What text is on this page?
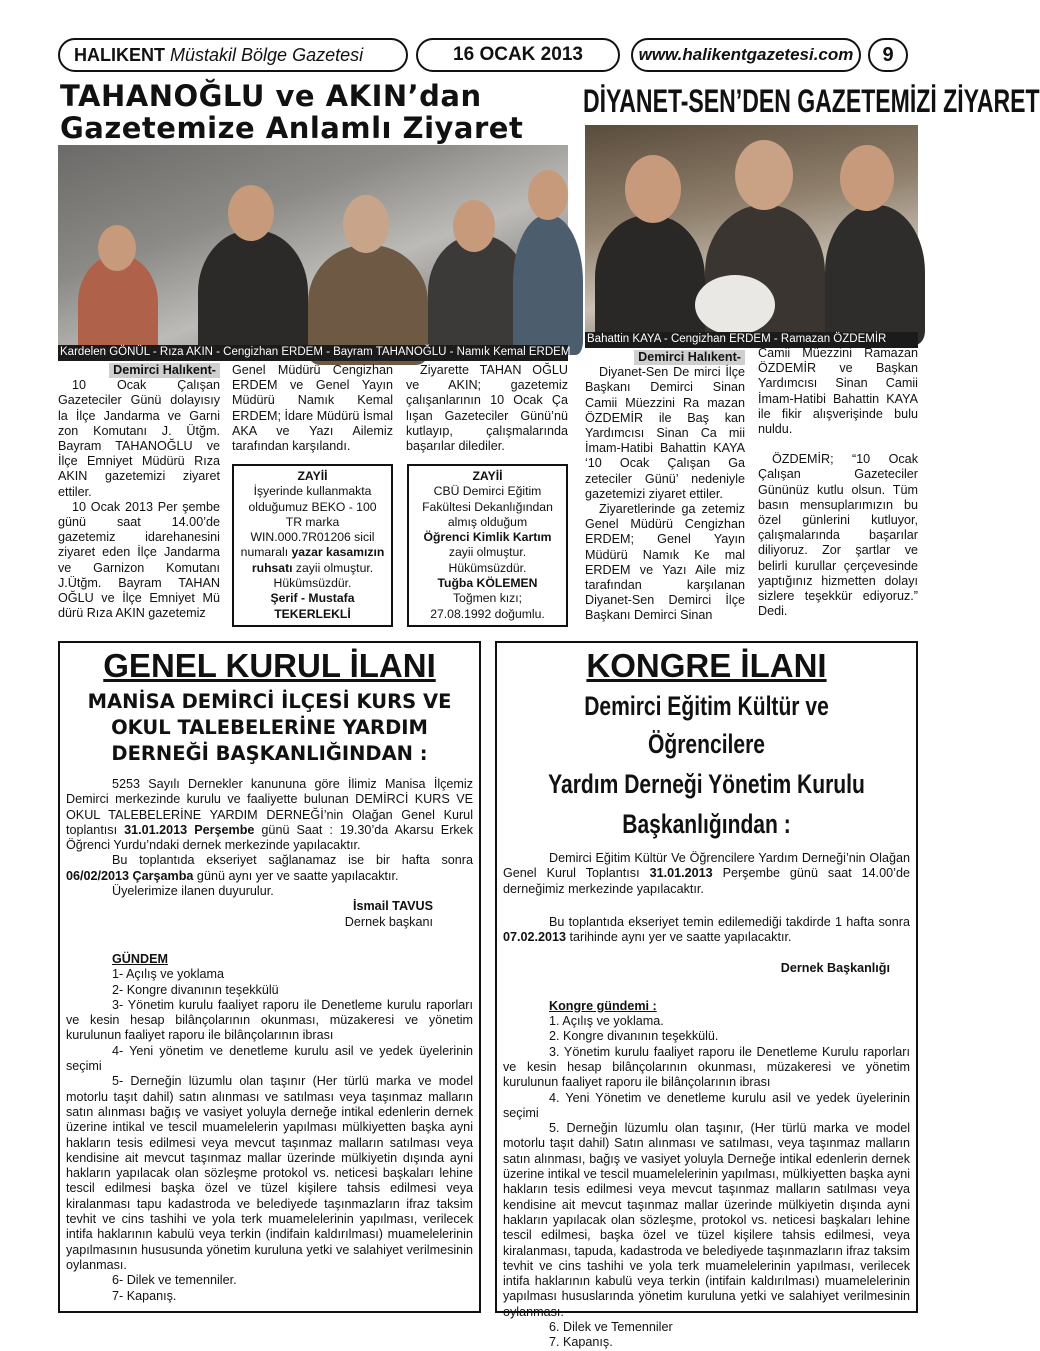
HALIKENT
Müstakil Bölge Gazetesi	16 OCAK 2013	www.halikentgazetesi.com	9
TAHANOĞLU ve AKIN’dan
Gazetemize Anlamlı Ziyaret
DİYANET-SEN’DEN GAZETEMİZİ ZİYARET
Kardelen GÖNÜL - Rıza AKIN - Cengizhan ERDEM - Bayram TAHANOĞLU - Namık Kemal ERDEM
Bahattin KAYA - Cengizhan ERDEM - Ramazan ÖZDEMİR

Demirci Halıkent-

10 Ocak Çalışan Gazeteciler Günü dolayısıy la İlçe Jandarma ve Garni zon Komutanı J. Ütğm. Bayram TAHANOĞLU ve İlçe Emniyet Müdürü Rıza AKIN gazetemizi ziyaret ettiler.

10 Ocak 2013 Per şembe günü saat 14.00’de gazetemiz idarehanesini ziyaret eden İlçe Jandarma ve Garnizon Komutanı J.Ütğm. Bayram TAHAN OĞLU ve İlçe Emniyet Mü dürü Rıza AKIN gazetemiz

Genel Müdürü Cengizhan ERDEM ve Genel Yayın Müdürü Namık Kemal ERDEM; İdare Müdürü İsmal AKA ve Yazı Ailemiz tarafından karşılandı.

Ziyarette TAHAN OĞLU ve AKIN; gazetemiz çalışanlarının 10 Ocak Ça lışan Gazeteciler Günü’nü kutlayıp, çalışmalarında başarılar dilediler.

ZAYİİ
İşyerinde kullanmakta
olduğumuz BEKO - 100
TR marka
WIN.000.7R01206 sicil
numaralı yazar kasamızın
ruhsatı zayii olmuştur.
Hükümsüzdür.
Şerif - Mustafa
TEKERLEKLİ
ZAYİİ
CBÜ Demirci Eğitim
Fakültesi Dekanlığından
almış olduğum
Öğrenci Kimlik Kartım
zayii olmuştur.
Hükümsüzdür.
Tuğba KÖLEMEN
Toğmen kızı;
27.08.1992 doğumlu.

Demirci Halıkent-

Diyanet-Sen De mirci İlçe Başkanı Demirci Sinan Camii Müezzini Ra mazan ÖZDEMİR ile Baş kan Yardımcısı Sinan Ca mii İmam-Hatibi Bahattin KAYA ‘10 Ocak Çalışan Ga zeteciler Günü’ nedeniyle gazetemizi ziyaret ettiler.

Ziyaretlerinde ga zetemiz Genel Müdürü Cengizhan ERDEM; Genel Yayın Müdürü Namık Ke mal ERDEM ve Yazı Aile miz tarafından karşılanan Diyanet-Sen Demirci İlçe Başkanı Demirci Sinan

Camii Müezzini Ramazan ÖZDEMİR ve Başkan Yardımcısı Sinan Camii İmam-Hatibi Bahattin KAYA ile fikir alışverişinde bulu nuldu.

ÖZDEMİR; “10 Ocak Çalışan Gazeteciler Gününüz kutlu olsun. Tüm basın mensuplarımızın bu özel günlerini kutluyor, çalışmalarında başarılar diliyoruz. Zor şartlar ve belirli kurullar çerçevesinde yaptığınız hizmetten dolayı sizlere teşekkür ediyoruz.” Dedi.

GENEL KURUL İLANI
MANİSA DEMİRCİ İLÇESİ KURS VE
OKUL TALEBELERİNE YARDIM
DERNEĞİ BAŞKANLIĞINDAN :

5253 Sayılı Dernekler kanununa göre İlimiz Manisa İlçemiz Demirci merkezinde kurulu ve faaliyette bulunan DEMİRCİ KURS VE OKUL TALEBELERİNE YARDIM DERNEĞİ’nin Olağan Genel Kurul toplantısı 31.01.2013 Perşembe günü Saat : 19.30’da Akarsu Erkek Öğrenci Yurdu’ndaki dernek merkezinde yapılacaktır.

Bu toplantıda ekseriyet sağlanamaz ise bir hafta sonra 06/02/2013 Çarşamba günü aynı yer ve saatte yapılacaktır.

Üyelerimize ilanen duyurulur.

İsmail TAVUS

Dernek başkanı

GÜNDEM

1- Açılış ve yoklama

2- Kongre divanının teşekkülü

3- Yönetim kurulu faaliyet raporu ile Denetleme kurulu raporları ve kesin hesap bilânçolarının okunması, müzakeresi ve yönetim kurulunun faaliyet raporu ile bilânçolarının ibrası

4- Yeni yönetim ve denetleme kurulu asil ve yedek üyelerinin seçimi

5- Derneğin lüzumlu olan taşınır (Her türlü marka ve model motorlu taşıt dahil) satın alınması ve satılması veya taşınmaz malların satın alınması bağış ve vasiyet yoluyla derneğe intikal edenlerin dernek üzerine intikal ve tescil muamelelerin yapılması mülkiyetten başka ayni hakların tesis edilmesi veya mevcut taşınmaz malların satılması veya kendisine ait mevcut taşınmaz mallar üzerinde mülkiyetin dışında ayni hakların yapılacak olan sözleşme protokol vs. neticesi başkaları lehine tescil edilmesi başka özel ve tüzel kişilere tahsis edilmesi veya kiralanması tapu kadastroda ve belediyede taşınmazların ifraz taksim tevhit ve cins tashihi ve yola terk muamelelerinin yapılması, verilecek intifa haklarının kabulü veya terkin (indifain kaldırılması) muamelelerinin yapılmasının hususunda yönetim kuruluna yetki ve salahiyet verilmesinin oylanması.

6- Dilek ve temenniler.

7- Kapanış.

KONGRE İLANI
Demirci Eğitim Kültür ve Öğrencilere
Yardım Derneği Yönetim Kurulu
Başkanlığından :

Demirci Eğitim Kültür Ve Öğrencilere Yardım Derneği’nin Olağan Genel Kurul Toplantısı 31.01.2013 Perşembe günü saat 14.00’de derneğimiz merkezinde yapılacaktır.

Bu toplantıda ekseriyet temin edilemediği takdirde 1 hafta sonra 07.02.2013 tarihinde aynı yer ve saatte yapılacaktır.

Dernek Başkanlığı

Kongre gündemi :

1. Açılış ve yoklama.

2. Kongre divanının teşekkülü.

3. Yönetim kurulu faaliyet raporu ile Denetleme Kurulu raporları ve kesin hesap bilânçolarının okunması, müzakeresi ve yönetim kurulunun faaliyet raporu ile bilânçolarının ibrası

4. Yeni Yönetim ve denetleme kurulu asil ve yedek üyelerinin seçimi

5. Derneğin lüzumlu olan taşınır, (Her türlü marka ve model motorlu taşıt dahil) Satın alınması ve satılması, veya taşınmaz malların satın alınması, bağış ve vasiyet yoluyla Derneğe intikal edenlerin dernek üzerine intikal ve tescil muamelelerinin yapılması, mülkiyetten başka ayni hakların tesis edilmesi veya mevcut taşınmaz malların satılması veya kendisine ait mevcut taşınmaz mallar üzerinde mülkiyetin dışında ayni hakların yapılacak olan sözleşme, protokol vs. neticesi başkaları lehine tescil edilmesi, başka özel ve tüzel kişilere tahsis edilmesi, veya kiralanması, tapuda, kadastroda ve belediyede taşınmazların ifraz taksim tevhit ve cins tashihi ve yola terk muamelelerinin yapılması, verilecek intifa haklarının kabulü veya terkin (intifain kaldırılması) muamelelerinin yapılması hususlarında yönetim kuruluna yetki ve salahiyet verilmesinin oylanması.

6. Dilek ve Temenniler

7. Kapanış.
